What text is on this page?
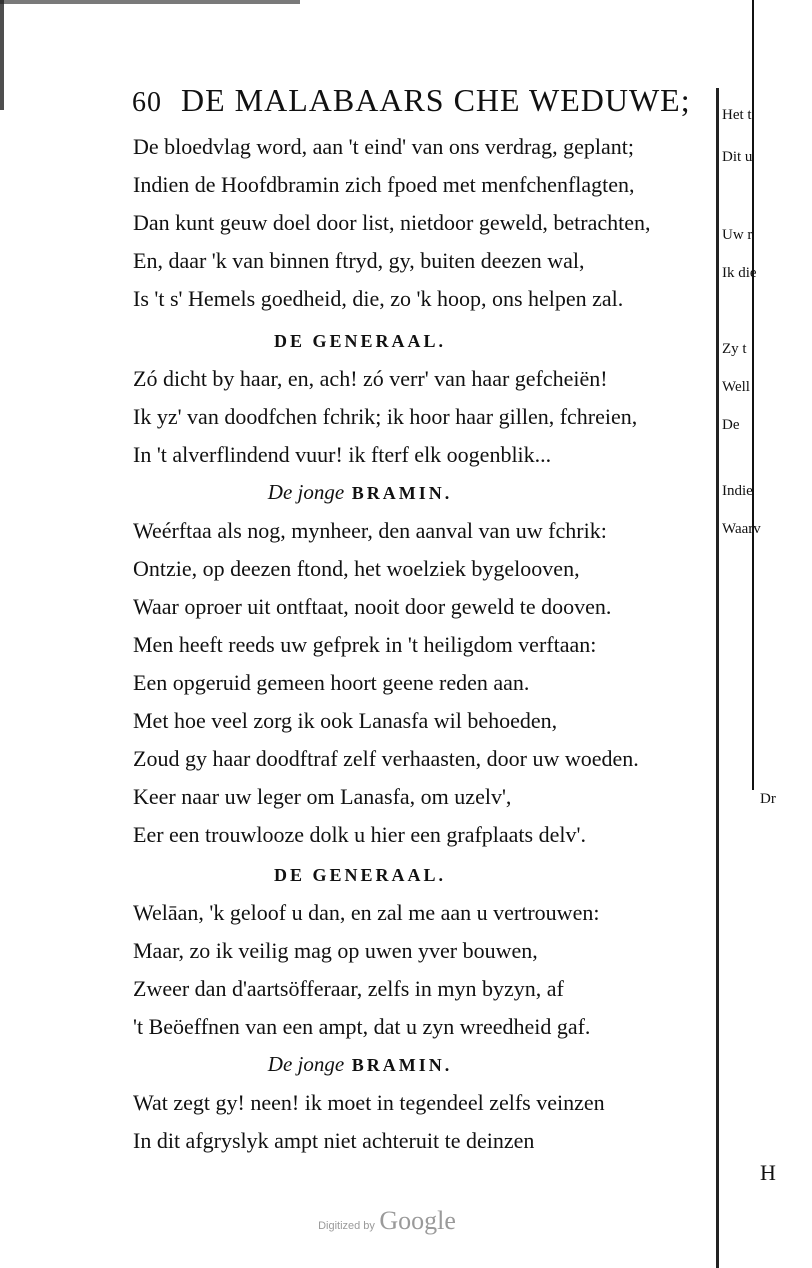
60 DE MALABAARS CHE WEDUWE;
De bloedvlag word, aan 't eind' van ons verdrag, geplant;
Indien de Hoofdbramin zich fpoed met menfchenflagten,
Dan kunt geuw doel door list, nietdoor geweld, betrachten,
En, daar 'k van binnen ftryd, gy, buiten deezen wal,
Is 't s' Hemels goedheid, die, zo 'k hoop, ons helpen zal.
DE GENERAAL.
Zó dicht by haar, en, ach! zó verr' van haar gefcheiën!
Ik yz' van doodfchen fchrik; ik hoor haar gillen, fchreien,
In 't alverflindend vuur! ik fterf elk oogenblik...
De jonge BRAMIN.
Weérftaa als nog, mynheer, den aanval van uw fchrik:
Ontzie, op deezen ftond, het woelziek bygelooven,
Waar oproer uit ontftaat, nooit door geweld te dooven.
Men heeft reeds uw gefprek in 't heiligdom verftaan:
Een opgeruid gemeen hoort geene reden aan.
Met hoe veel zorg ik ook Lanasfa wil behoeden,
Zoud gy haar doodftraf zelf verhaasten, door uw woeden.
Keer naar uw leger om Lanasfa, om uzelv',
Eer een trouwlooze dolk u hier een grafplaats delv'.
DE GENERAAL.
Welāan, 'k geloof u dan, en zal me aan u vertrouwen:
Maar, zo ik veilig mag op uwen yver bouwen,
Zweer dan d'aartsöfferaar, zelfs in myn byzyn, af
't Beöeffnen van een ampt, dat u zyn wreedheid gaf.
De jonge BRAMIN.
Wat zegt gy! neen! ik moet in tegendeel zelfs veinzen
In dit afgryslyk ampt niet achteruit te deinzen
Het t
Dit u
Uw r
Ik die
Zy t
Well
De
Indie
Waarv
Dr
H
Digitized by Google
